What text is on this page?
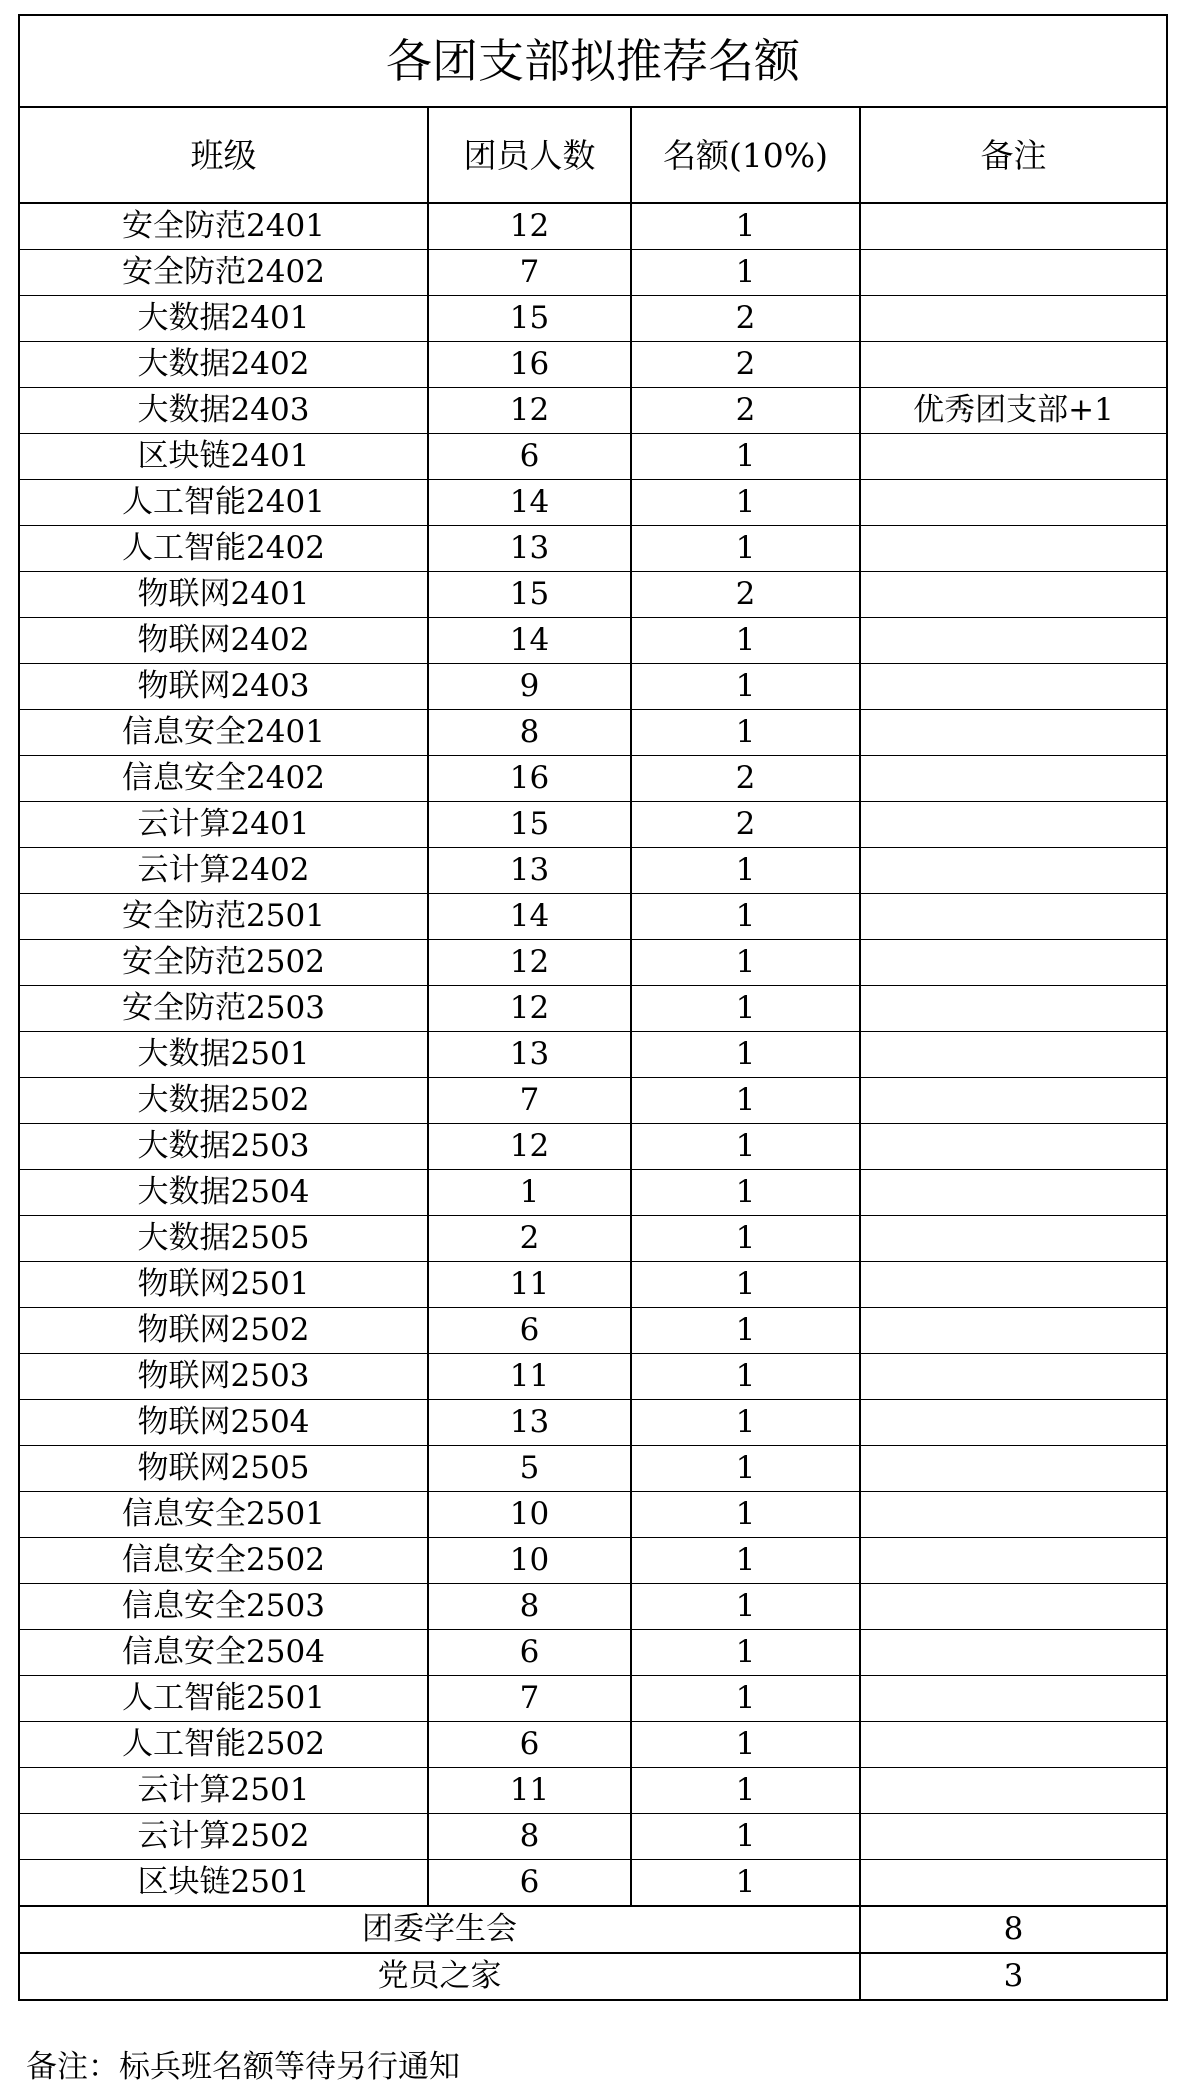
各团支部拟推荐名额			
班级	团员人数	名额(10%)	备注
安全防范2401	12	1	
安全防范2402	7	1	
大数据2401	15	2	
大数据2402	16	2	
大数据2403	12	2	优秀团支部+1
区块链2401	6	1	
人工智能2401	14	1	
人工智能2402	13	1	
物联网2401	15	2	
物联网2402	14	1	
物联网2403	9	1	
信息安全2401	8	1	
信息安全2402	16	2	
云计算2401	15	2	
云计算2402	13	1	
安全防范2501	14	1	
安全防范2502	12	1	
安全防范2503	12	1	
大数据2501	13	1	
大数据2502	7	1	
大数据2503	12	1	
大数据2504	1	1	
大数据2505	2	1	
物联网2501	11	1	
物联网2502	6	1	
物联网2503	11	1	
物联网2504	13	1	
物联网2505	5	1	
信息安全2501	10	1	
信息安全2502	10	1	
信息安全2503	8	1	
信息安全2504	6	1	
人工智能2501	7	1	
人工智能2502	6	1	
云计算2501	11	1	
云计算2502	8	1	
区块链2501	6	1	
团委学生会			8
党员之家			3
备注：标兵班名额等待另行通知
